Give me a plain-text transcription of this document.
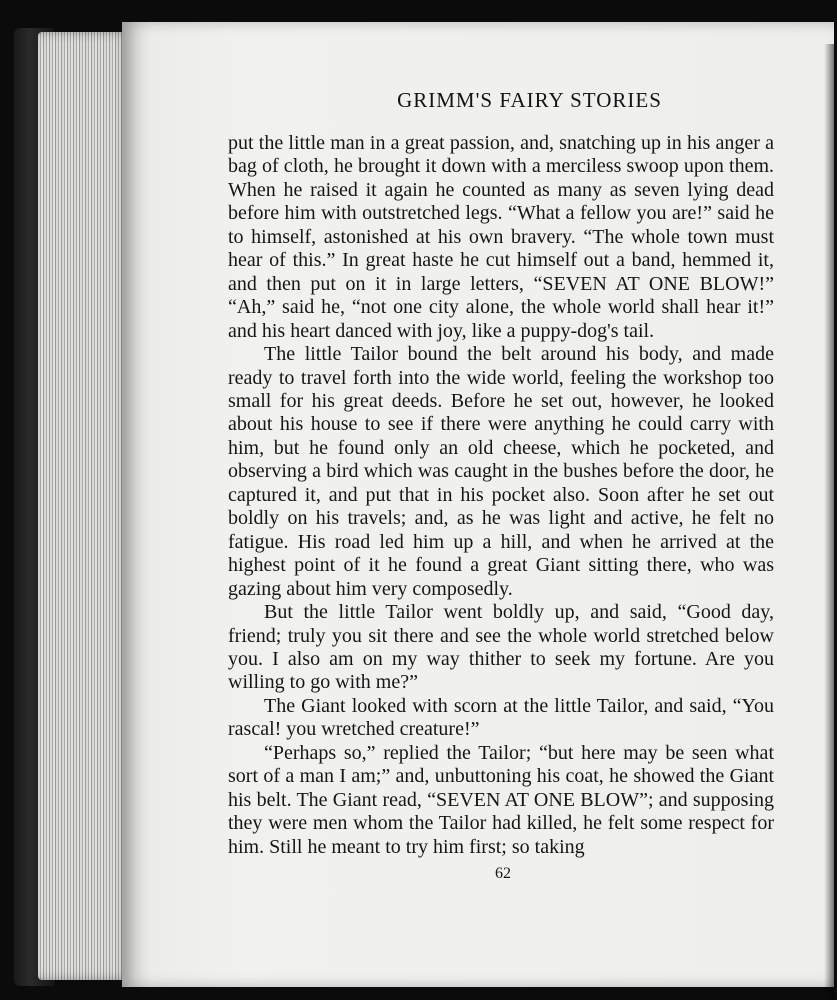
GRIMM'S FAIRY STORIES

put the little man in a great passion, and, snatching up in his anger a bag of cloth, he brought it down with a merciless swoop upon them. When he raised it again he counted as many as seven lying dead before him with outstretched legs. “What a fellow you are!” said he to himself, astonished at his own bravery. “The whole town must hear of this.” In great haste he cut himself out a band, hemmed it, and then put on it in large letters, “SEVEN AT ONE BLOW!” “Ah,” said he, “not one city alone, the whole world shall hear it!” and his heart danced with joy, like a puppy-dog's tail.

The little Tailor bound the belt around his body, and made ready to travel forth into the wide world, feeling the workshop too small for his great deeds. Before he set out, however, he looked about his house to see if there were anything he could carry with him, but he found only an old cheese, which he pocketed, and observing a bird which was caught in the bushes before the door, he captured it, and put that in his pocket also. Soon after he set out boldly on his travels; and, as he was light and active, he felt no fatigue. His road led him up a hill, and when he arrived at the highest point of it he found a great Giant sitting there, who was gazing about him very composedly.

But the little Tailor went boldly up, and said, “Good day, friend; truly you sit there and see the whole world stretched below you. I also am on my way thither to seek my fortune. Are you willing to go with me?”

The Giant looked with scorn at the little Tailor, and said, “You rascal! you wretched creature!”

“Perhaps so,” replied the Tailor; “but here may be seen what sort of a man I am;” and, unbuttoning his coat, he showed the Giant his belt. The Giant read, “SEVEN AT ONE BLOW”; and supposing they were men whom the Tailor had killed, he felt some respect for him. Still he meant to try him first; so taking

62
